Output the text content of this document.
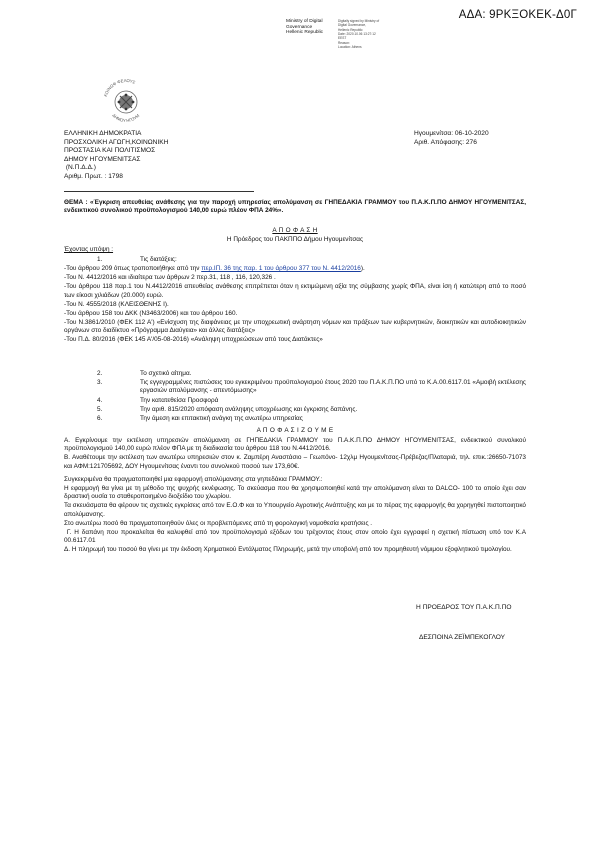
ΑΔΑ: 9ΡΚΞΟΚΕΚ-Δ0Γ
Ministry of Digital
Governance
Hellenic Republic
Digitally signed by Ministry of
Digital Governance,
Hellenic Republic
Date: 2020.10.06 13:27:12
EEST
Reason:
Location: Athens
ΚΟΙΝΩΦ ΦΕΛΟΥΣ
ΔΗΜΟΥ ΗΓΟΥΜ
ΕΛΛΗΝΙΚΗ ΔΗΜΟΚΡΑΤΙΑ
ΠΡΟΣΧΟΛΙΚΗ ΑΓΩΓΗ,ΚΟΙΝΩΝΙΚΗ
ΠΡΟΣΤΑΣΙΑ ΚΑΙ ΠΟΛΙΤΙΣΜΟΣ
ΔΗΜΟΥ ΗΓΟΥΜΕΝΙΤΣΑΣ
(Ν.Π.Δ.Δ.)
Αριθμ. Πρωτ. : 1798
Ηγουμενίτσα: 06-10-2020
Αριθ. Απόφασης: 276
ΘΕΜΑ : «Έγκριση απευθείας ανάθεσης για την παροχή υπηρεσίας απολύμανση σε ΓΗΠΕΔΑΚΙΑ ΓΡΑΜΜΟΥ του Π.Α.Κ.Π.ΠΟ ΔΗΜΟΥ ΗΓΟΥΜΕΝΙΤΣΑΣ, ενδεικτικού συνολικού προϋπολογισμού 140,00 ευρώ πλέον ΦΠΑ 24%».
Α Π Ο Φ Α Σ Η
Η Πρόεδρος του ΠΑΚΠΠΟ Δήμου Ηγουμενίτσας
Έχοντας υπόψη :
1.	Τις διατάξεις:
-Του άρθρου 209 όπως τροποποιήθηκε από την περ.ΙΠ. 36 της παρ. 1 του άρθρου 377 του Ν. 4412/2016).
-Του Ν. 4412/2016 και ιδιαίτερα των άρθρων 2 περ.31, 118 , 116, 120,326 .
-Του άρθρου 118 παρ.1 του Ν.4412/2016 απευθείας ανάθεσης επιτρέπεται όταν η εκτιμώμενη αξία της σύμβασης χωρίς ΦΠΑ, είναι ίση ή κατώτερη από το ποσό των είκοσι χιλιάδων (20.000) ευρώ.
-Του Ν. 4555/2018 (ΚΛΕΙΣΘΕΝΗΣ Ι).
-Του άρθρου 158 του ΔΚΚ (Ν3463/2006) και του άρθρου 160.
-Του Ν.3861/2010 (ΦΕΚ 112 Α') «Ενίσχυση της διαφάνειας με την υποχρεωτική ανάρτηση νόμων και πράξεων των κυβερνητικών, διοικητικών και αυτοδιοικητικών οργάνων στο διαδίκτυο «Πρόγραμμα Διαύγεια» και άλλες διατάξεις»
-Του Π.Δ. 80/2016 (ΦΕΚ 145 Α'/05-08-2016) «Ανάληψη υποχρεώσεων από τους Διατάκτες»
2.	Το σχετικό αίτημα.
3.	Τις εγγεγραμμένες πιστώσεις του εγκεκριμένου προϋπολογισμού έτους 2020 του Π.Α.Κ.Π.ΠΟ υπό το Κ.Α.00.6117.01 «Αμοιβή εκτέλεσης εργασιών απολύμανσης - απεντόμωσης»
4.	Την κατατεθείσα Προσφορά
5.	Την αριθ. 815/2020 απόφαση ανάληψης υποχρέωσης και έγκρισης δαπάνης.
6.	Την άμεση και επιτακτική ανάγκη της ανωτέρω υπηρεσίας
Α Π Ο Φ Α Σ Ι Ζ Ο Υ Μ Ε
Α. Εγκρίνουμε την εκτέλεση υπηρεσιών απολύμανση σε ΓΗΠΕΔΑΚΙΑ ΓΡΑΜΜΟΥ του Π.Α.Κ.Π.ΠΟ ΔΗΜΟΥ ΗΓΟΥΜΕΝΙΤΣΑΣ, ενδεικτικού συνολικού προϋπολογισμού 140,00 ευρώ πλέον ΦΠΑ με τη διαδικασία του άρθρου 118 του Ν.4412/2016.
Β. Αναθέτουμε την εκτέλεση των ανωτέρω υπηρεσιών στον κ. Ζαμπέρη Αναστάσιο – Γεωπόνο- 12χλμ Ηγουμενίτσας-Πρέβεζας/Πλαταριά, τηλ. επικ.:26650-71073 και ΑΦΜ:121705692, ΔΟΥ Ηγουμενίτσας έναντι του συνολικού ποσού των 173,60€.
Συγκεκριμένα θα πραγματοποιηθεί μια εφαρμογή απολύμανσης στα γηπεδάκια ΓΡΑΜΜΟΥ.:
Η εφαρμογή θα γίνει με τη μέθοδο της ψυχρής εκνέφωσης. Το σκεύασμα που θα χρησιμοποιηθεί κατά την απολύμανση είναι το DALCO- 100 το οποίο έχει σαν δραστική ουσία το σταθεροποιημένο διοξείδιο του χλωρίου.
Τα σκευάσματα θα φέρουν τις σχετικές εγκρίσεις από τον Ε.Ο.Φ και το Υπουργείο Αγροτικής Ανάπτυξης και με το πέρας της εφαρμογής θα χορηγηθεί πιστοποιητικό απολύμανσης.
Στο ανωτέρω ποσό θα πραγματοποιηθούν όλες οι προβλεπόμενες από τη φορολογική νομοθεσία κρατήσεις .
Γ. Η δαπάνη που προκαλείται θα καλυφθεί από τον προϋπολογισμό εξόδων του τρέχοντος έτους στον οποίο έχει εγγραφεί η σχετική πίστωση υπό τον Κ.Α 00.6117.01
Δ. Η πληρωμή του ποσού θα γίνει με την έκδοση Χρηματικού Εντάλματος Πληρωμής, μετά την υποβολή από τον προμηθευτή νόμιμου εξοφλητικού τιμολογίου.
Η ΠΡΟΕΔΡΟΣ ΤΟΥ Π.Α.Κ.Π.ΠΟ
ΔΕΣΠΟΙΝΑ ΖΕΪΜΠΕΚΟΓΛΟΥ
